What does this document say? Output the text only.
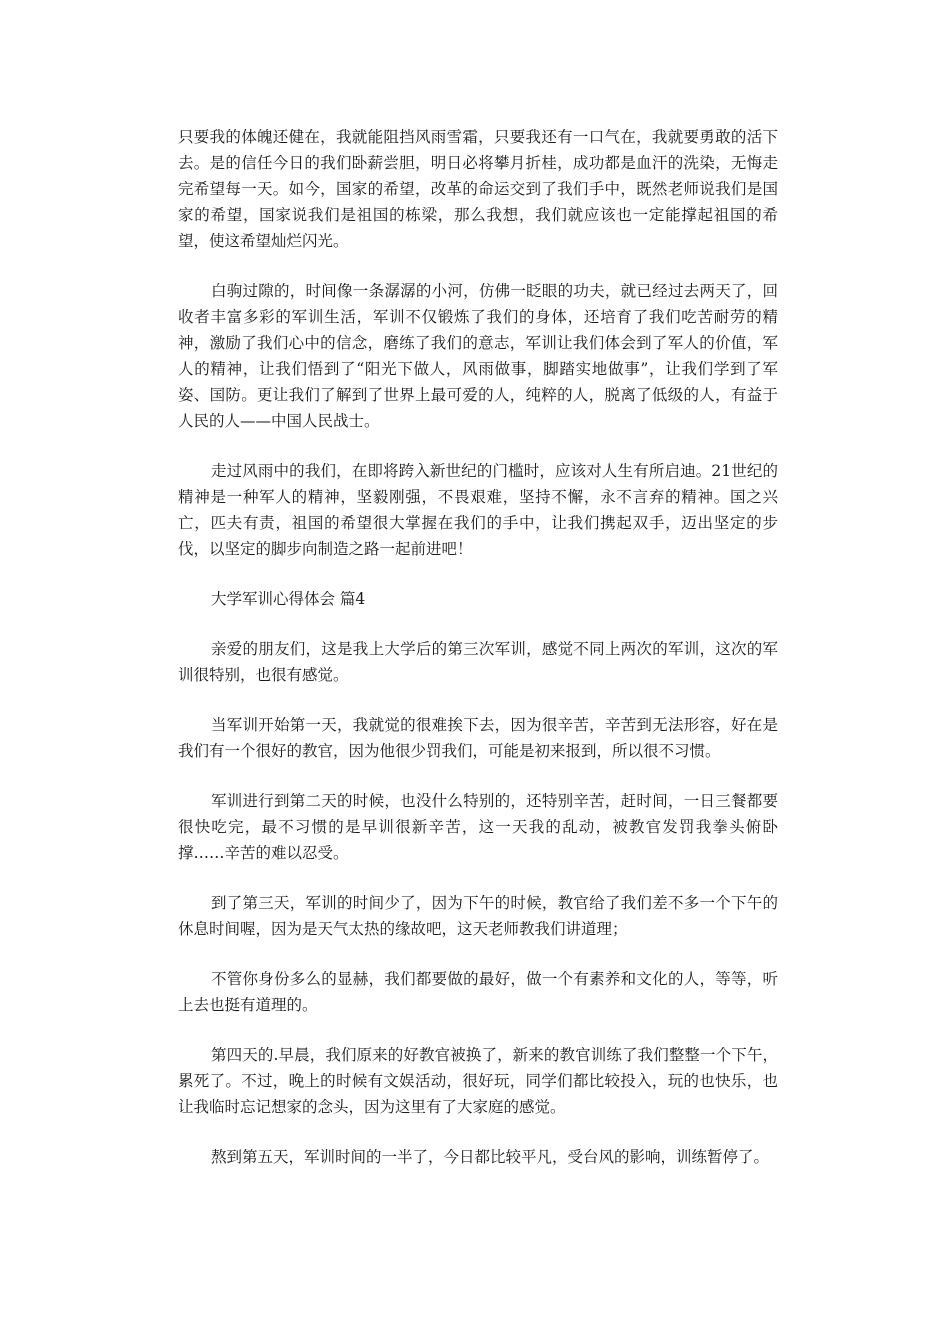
只要我的体魄还健在，我就能阻挡风雨雪霜，只要我还有一口气在，我就要勇敢的活下去。是的信任今日的我们卧薪尝胆，明日必将攀月折桂，成功都是血汗的洗染，无悔走完希望每一天。如今，国家的希望，改革的命运交到了我们手中，既然老师说我们是国家的希望，国家说我们是祖国的栋梁，那么我想，我们就应该也一定能撑起祖国的希望，使这希望灿烂闪光。

白驹过隙的，时间像一条潺潺的小河，仿佛一眨眼的功夫，就已经过去两天了，回收者丰富多彩的军训生活，军训不仅锻炼了我们的身体，还培育了我们吃苦耐劳的精神，激励了我们心中的信念，磨练了我们的意志，军训让我们体会到了军人的价值，军人的精神，让我们悟到了“阳光下做人，风雨做事，脚踏实地做事”，让我们学到了军姿、国防。更让我们了解到了世界上最可爱的人，纯粹的人，脱离了低级的人，有益于人民的人——中国人民战士。

走过风雨中的我们，在即将跨入新世纪的门槛时，应该对人生有所启迪。21世纪的精神是一种军人的精神，坚毅刚强，不畏艰难，坚持不懈，永不言弃的精神。国之兴亡，匹夫有责，祖国的希望很大掌握在我们的手中，让我们携起双手，迈出坚定的步伐，以坚定的脚步向制造之路一起前进吧！

大学军训心得体会 篇4

亲爱的朋友们，这是我上大学后的第三次军训，感觉不同上两次的军训，这次的军训很特别，也很有感觉。

当军训开始第一天，我就觉的很难挨下去，因为很辛苦，辛苦到无法形容，好在是我们有一个很好的教官，因为他很少罚我们，可能是初来报到，所以很不习惯。

军训进行到第二天的时候，也没什么特别的，还特别辛苦，赶时间，一日三餐都要很快吃完，最不习惯的是早训很新辛苦，这一天我的乱动，被教官发罚我拳头俯卧撑……辛苦的难以忍受。

到了第三天，军训的时间少了，因为下午的时候，教官给了我们差不多一个下午的休息时间喔，因为是天气太热的缘故吧，这天老师教我们讲道理；

不管你身份多么的显赫，我们都要做的最好，做一个有素养和文化的人，等等，听上去也挺有道理的。

第四天的.早晨，我们原来的好教官被换了，新来的教官训练了我们整整一个下午，累死了。不过，晚上的时候有文娱活动，很好玩，同学们都比较投入，玩的也快乐，也让我临时忘记想家的念头，因为这里有了大家庭的感觉。

熬到第五天，军训时间的一半了，今日都比较平凡，受台风的影响，训练暂停了。
